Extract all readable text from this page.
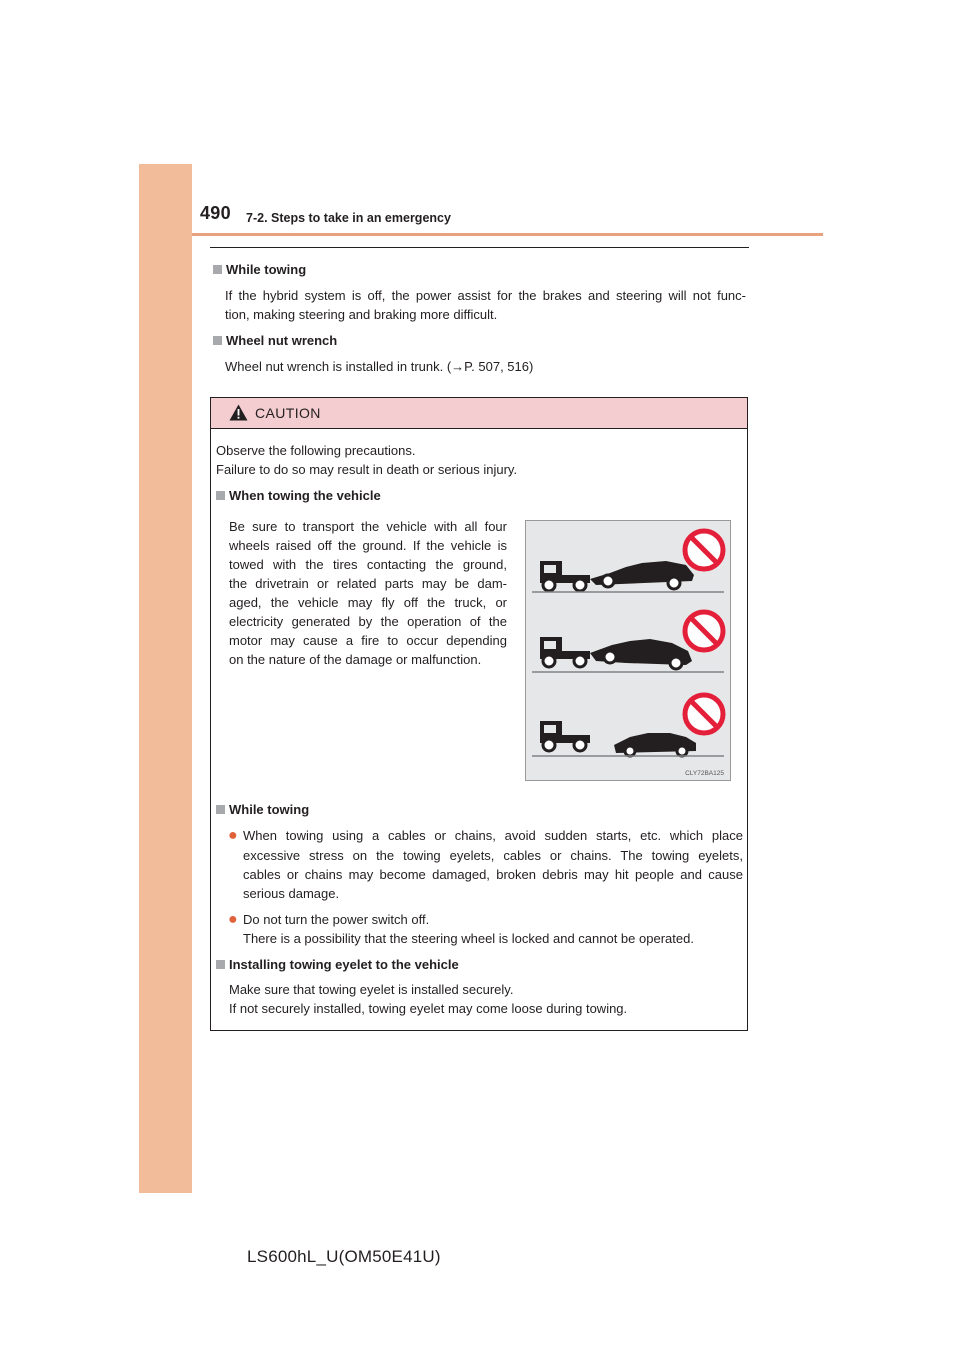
490 7-2. Steps to take in an emergency
While towing
If the hybrid system is off, the power assist for the brakes and steering will not func-
tion, making steering and braking more difficult.
Wheel nut wrench
Wheel nut wrench is installed in trunk. (→P. 507, 516)
CAUTION
Observe the following precautions.
Failure to do so may result in death or serious injury.
When towing the vehicle
Be sure to transport the vehicle with all four
wheels raised off the ground. If the vehicle is
towed with the tires contacting the ground,
the drivetrain or related parts may be dam-
aged, the vehicle may fly off the truck, or
electricity generated by the operation of the
motor may cause a fire to occur depending
on the nature of the damage or malfunction.
CLY72BA125
While towing
● When towing using a cables or chains, avoid sudden starts, etc. which place
excessive stress on the towing eyelets, cables or chains. The towing eyelets,
cables or chains may become damaged, broken debris may hit people and cause
serious damage.
● Do not turn the power switch off.
There is a possibility that the steering wheel is locked and cannot be operated.
Installing towing eyelet to the vehicle
Make sure that towing eyelet is installed securely.
If not securely installed, towing eyelet may come loose during towing.
LS600hL_U(OM50E41U)
